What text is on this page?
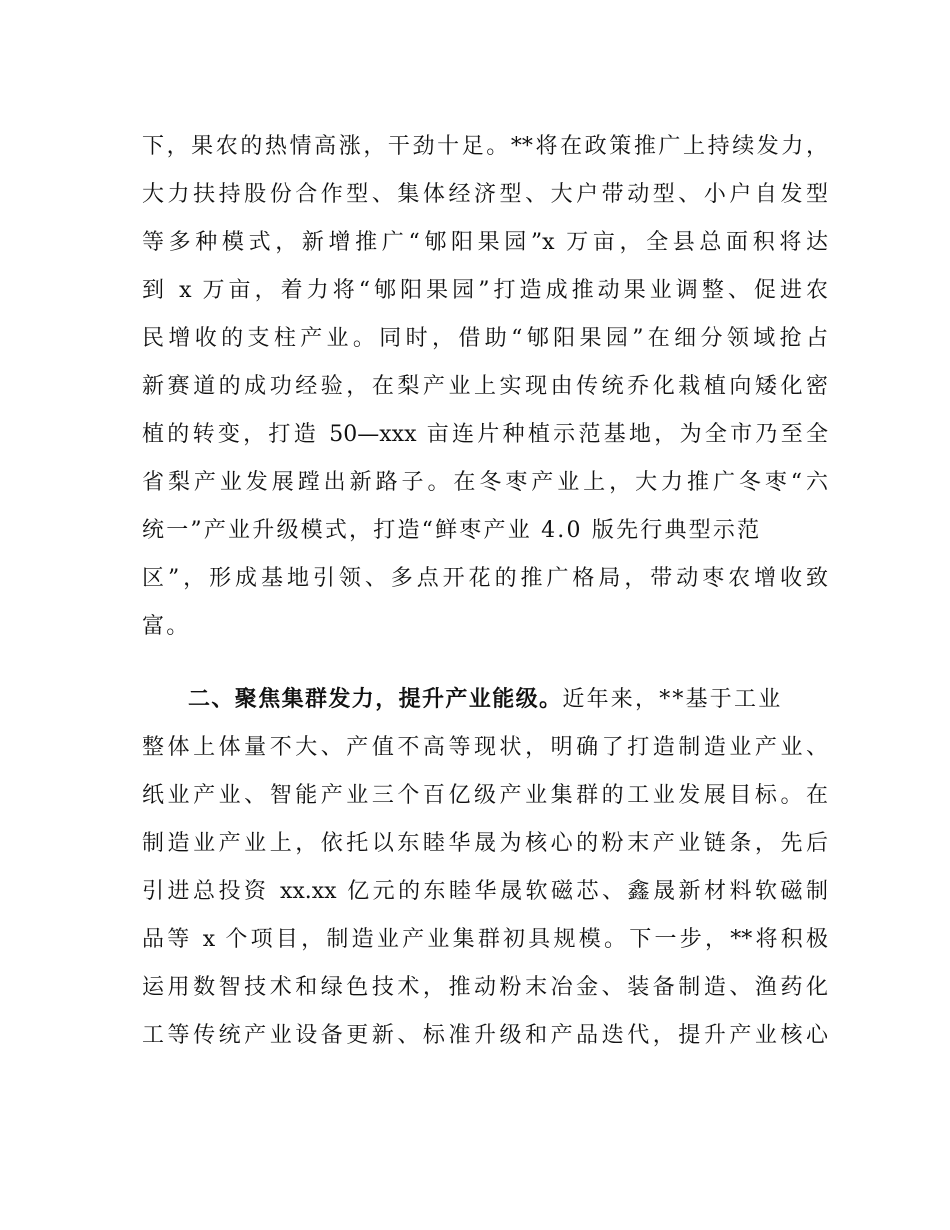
下，果农的热情高涨，干劲十足。**将在政策推广上持续发力，
大力扶持股份合作型、集体经济型、大户带动型、小户自发型
等多种模式，新增推广“郇阳果园”x 万亩，全县总面积将达
到 x 万亩，着力将“郇阳果园”打造成推动果业调整、促进农
民增收的支柱产业。同时，借助“郇阳果园”在细分领域抢占
新赛道的成功经验，在梨产业上实现由传统乔化栽植向矮化密
植的转变，打造 50—xxx 亩连片种植示范基地，为全市乃至全
省梨产业发展蹚出新路子。在冬枣产业上，大力推广冬枣“六
统一”产业升级模式，打造“鲜枣产业 4.0 版先行典型示范
区”，形成基地引领、多点开花的推广格局，带动枣农增收致
富。
二、聚焦集群发力，提升产业能级。近年来，**基于工业
整体上体量不大、产值不高等现状，明确了打造制造业产业、
纸业产业、智能产业三个百亿级产业集群的工业发展目标。在
制造业产业上，依托以东睦华晟为核心的粉末产业链条，先后
引进总投资 xx.xx 亿元的东睦华晟软磁芯、鑫晟新材料软磁制
品等 x 个项目，制造业产业集群初具规模。下一步，**将积极
运用数智技术和绿色技术，推动粉末冶金、装备制造、渔药化
工等传统产业设备更新、标准升级和产品迭代，提升产业核心
